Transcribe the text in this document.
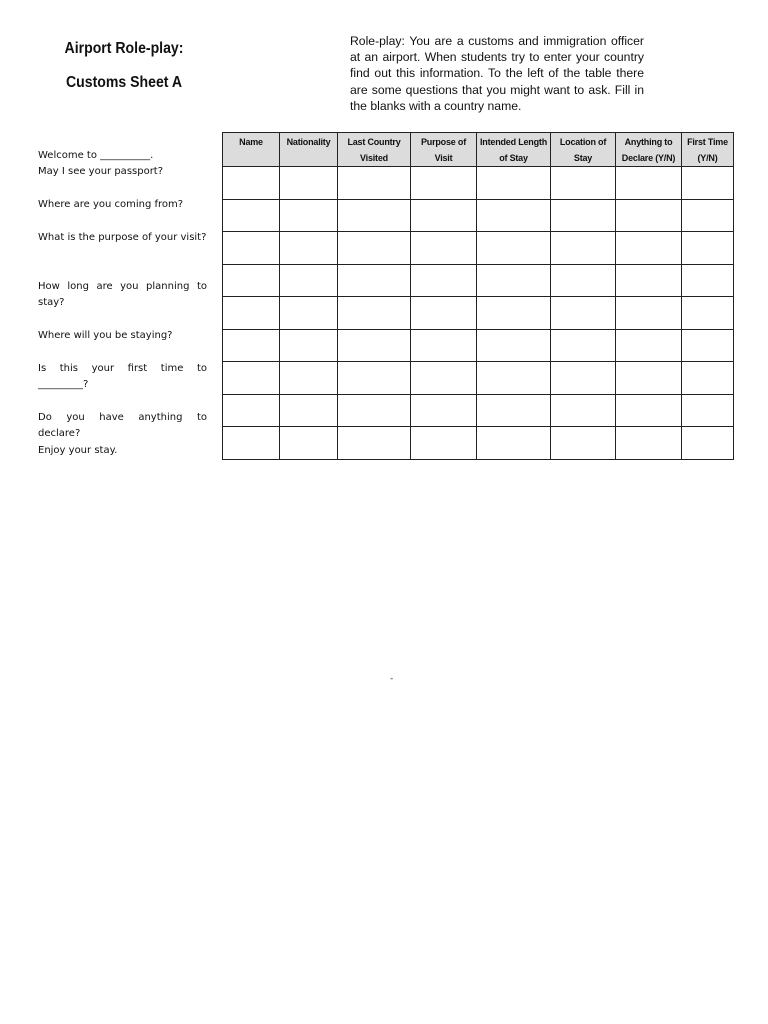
Airport Role-play:
Customs Sheet A
Role-play: You are a customs and immigration officer at an airport. When students try to enter your country find out this information. To the left of the table there are some questions that you might want to ask. Fill in the blanks with a country name.
Welcome to __________.
May I see your passport?
Where are you coming from?
What is the purpose of your visit?
How long are you planning to stay?
Where will you be staying?
Is this your first time to _________?
Do you have anything to declare?
Enjoy your stay.
Name	Nationality	Last Country Visited	Purpose of Visit	Intended Length of Stay	Location of Stay	Anything to Declare (Y/N)	First Time (Y/N)

-
